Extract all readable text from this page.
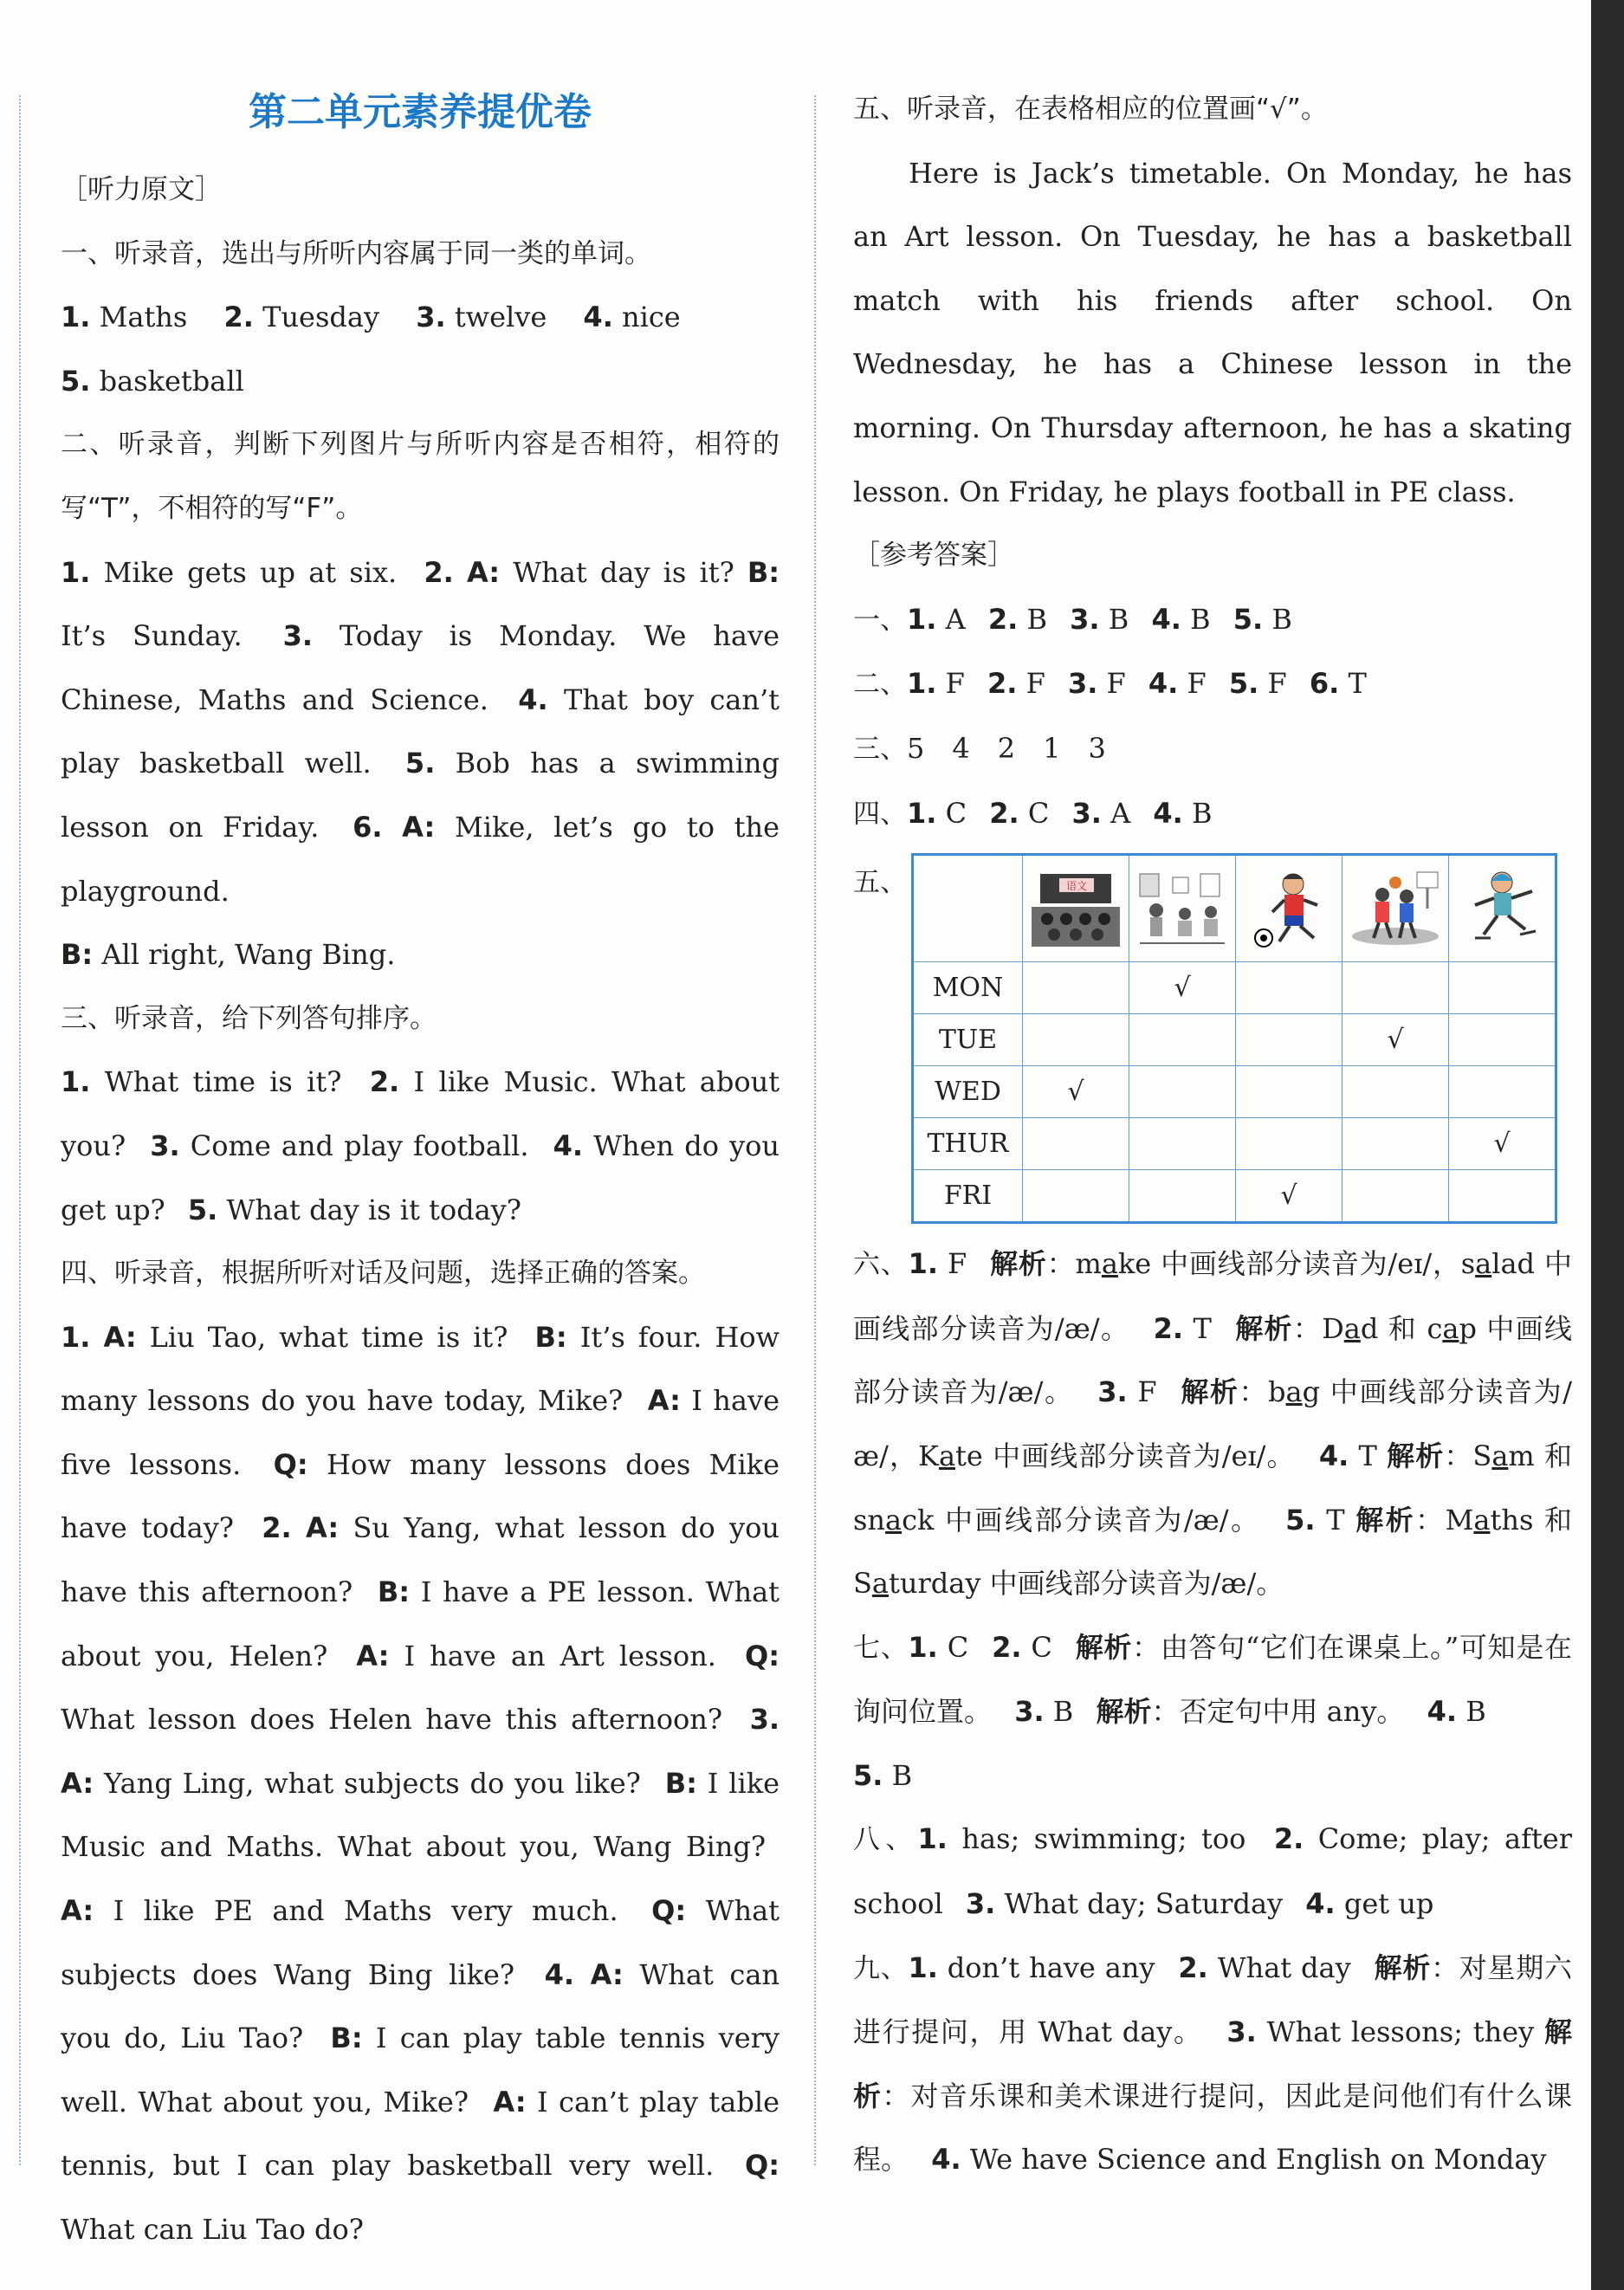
第二单元素养提优卷

［听力原文］

一、听录音，选出与所听内容属于同一类的单词。

1. Maths  2. Tuesday  3. twelve  4. nice
5. basketball

二、听录音，判断下列图片与所听内容是否相符，相符的写“T”，不相符的写“F”。

1. Mike gets up at six.  2. A: What day is it? B: It’s Sunday.  3. Today is Monday. We have Chinese, Maths and Science.  4. That boy can’t play basketball well.  5. Bob has a swimming lesson on Friday.  6. A: Mike, let’s go to the playground.
B: All right, Wang Bing.

三、听录音，给下列答句排序。

1. What time is it?  2. I like Music. What about you?  3. Come and play football.  4. When do you get up?  5. What day is it today?

四、听录音，根据所听对话及问题，选择正确的答案。

1. A: Liu Tao, what time is it?  B: It’s four. How many lessons do you have today, Mike?  A: I have five lessons.  Q: How many lessons does Mike have today?  2. A: Su Yang, what lesson do you have this afternoon?  B: I have a PE lesson. What about you, Helen?  A: I have an Art lesson.  Q: What lesson does Helen have this afternoon?  3. A: Yang Ling, what subjects do you like?  B: I like Music and Maths. What about you, Wang Bing?  A: I like PE and Maths very much.  Q: What subjects does Wang Bing like?  4. A: What can you do, Liu Tao?  B: I can play table tennis very well. What about you, Mike?  A: I can’t play table tennis, but I can play basketball very well.  Q: What can Liu Tao do?

五、听录音，在表格相应的位置画“√”。

Here is Jack’s timetable. On Monday, he has an Art lesson. On Tuesday, he has a basketball match with his friends after school. On Wednesday, he has a Chinese lesson in the morning. On Thursday afternoon, he has a skating lesson. On Friday, he plays football in PE class.

［参考答案］

一、1. A  2. B  3. B  4. B  5. B

二、1. F  2. F  3. F  4. F  5. F  6. T

三、5　4　2　1　3

四、1. C  2. C  3. A  4. B

五、

语文

MON		√			
TUE				√	
WED	√				
THUR					√
FRI			√		

六、1. F  解析：make 中画线部分读音为/eɪ/，salad 中画线部分读音为/æ/。  2. T  解析：Dad 和 cap 中画线部分读音为/æ/。  3. F  解析：bag 中画线部分读音为/æ/，Kate 中画线部分读音为/eɪ/。  4. T 解析：Sam 和 snack 中画线部分读音为/æ/。  5. T 解析：Maths 和 Saturday 中画线部分读音为/æ/。

七、1. C  2. C  解析：由答句“它们在课桌上。”可知是在询问位置。  3. B  解析：否定句中用 any。  4. B
5. B

八、1. has; swimming; too  2. Come; play; after school  3. What day; Saturday  4. get up

九、1. don’t have any  2. What day  解析：对星期六进行提问，用 What day。  3. What lessons; they 解析：对音乐课和美术课进行提问，因此是问他们有什么课程。  4. We have Science and English on Monday
